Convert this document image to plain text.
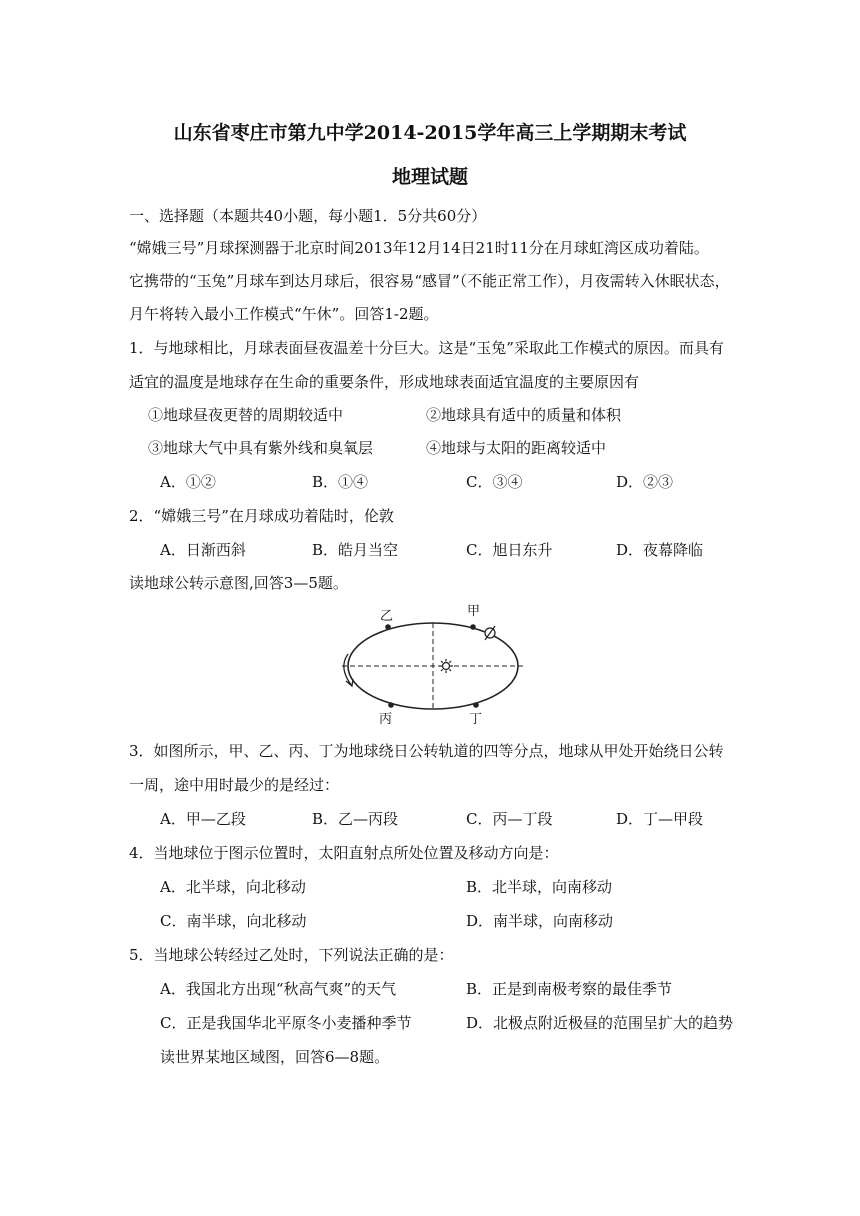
山东省枣庄市第九中学2014-2015学年高三上学期期末考试
地理试题
一、选择题（本题共40小题，每小题1．5分共60分）
“嫦娥三号”月球探测器于北京时间2013年12月14日21时11分在月球虹湾区成功着陆。
它携带的“玉兔”月球车到达月球后，很容易“感冒”（不能正常工作），月夜需转入休眠状态，
月午将转入最小工作模式“午休”。回答1-2题。
1．与地球相比，月球表面昼夜温差十分巨大。这是“玉兔”采取此工作模式的原因。而具有
适宜的温度是地球存在生命的重要条件，形成地球表面适宜温度的主要原因有
①地球昼夜更替的周期较适中	②地球具有适中的质量和体积
③地球大气中具有紫外线和臭氧层	④地球与太阳的距离较适中
A．①②	B．①④	C．③④	D．②③
2．“嫦娥三号”在月球成功着陆时，伦敦
A．日渐西斜	B．皓月当空	C．旭日东升	D．夜幕降临
读地球公转示意图,回答3—5题。
乙	甲
丙	丁
3．如图所示，甲、乙、丙、丁为地球绕日公转轨道的四等分点，地球从甲处开始绕日公转
一周，途中用时最少的是经过：
A．甲—乙段	B．乙—丙段	C．丙—丁段	D．丁—甲段
4．当地球位于图示位置时，太阳直射点所处位置及移动方向是：
A．北半球，向北移动	B．北半球，向南移动
C．南半球，向北移动	D．南半球，向南移动
5．当地球公转经过乙处时，下列说法正确的是：
A．我国北方出现“秋高气爽”的天气	B．正是到南极考察的最佳季节
C．正是我国华北平原冬小麦播种季节	D．北极点附近极昼的范围呈扩大的趋势
读世界某地区域图，回答6—8题。
